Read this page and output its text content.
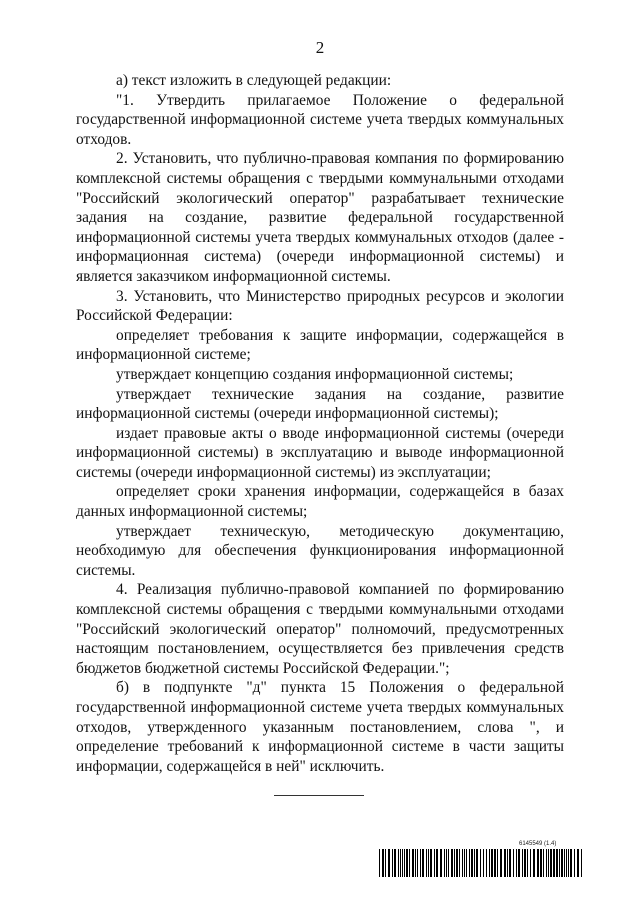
2

а) текст изложить в следующей редакции:

"1. Утвердить прилагаемое Положение о федеральной государственной информационной системе учета твердых коммунальных отходов.

2. Установить, что публично-правовая компания по формированию комплексной системы обращения с твердыми коммунальными отходами "Российский экологический оператор" разрабатывает технические задания на создание, развитие федеральной государственной информационной системы учета твердых коммунальных отходов (далее - информационная система) (очереди информационной системы) и является заказчиком информационной системы.

3. Установить, что Министерство природных ресурсов и экологии Российской Федерации:

определяет требования к защите информации, содержащейся в информационной системе;

утверждает концепцию создания информационной системы;

утверждает технические задания на создание, развитие информационной системы (очереди информационной системы);

издает правовые акты о вводе информационной системы (очереди информационной системы) в эксплуатацию и выводе информационной системы (очереди информационной системы) из эксплуатации;

определяет сроки хранения информации, содержащейся в базах данных информационной системы;

утверждает техническую, методическую документацию, необходимую для обеспечения функционирования информационной системы.

4. Реализация публично-правовой компанией по формированию комплексной системы обращения с твердыми коммунальными отходами "Российский экологический оператор" полномочий, предусмотренных настоящим постановлением, осуществляется без привлечения средств бюджетов бюджетной системы Российской Федерации.";

б) в подпункте "д" пункта 15 Положения о федеральной государственной информационной системе учета твердых коммунальных отходов, утвержденного указанным постановлением, слова ", и определение требований к информационной системе в части защиты информации, содержащейся в ней" исключить.

6145549 (1.4)
